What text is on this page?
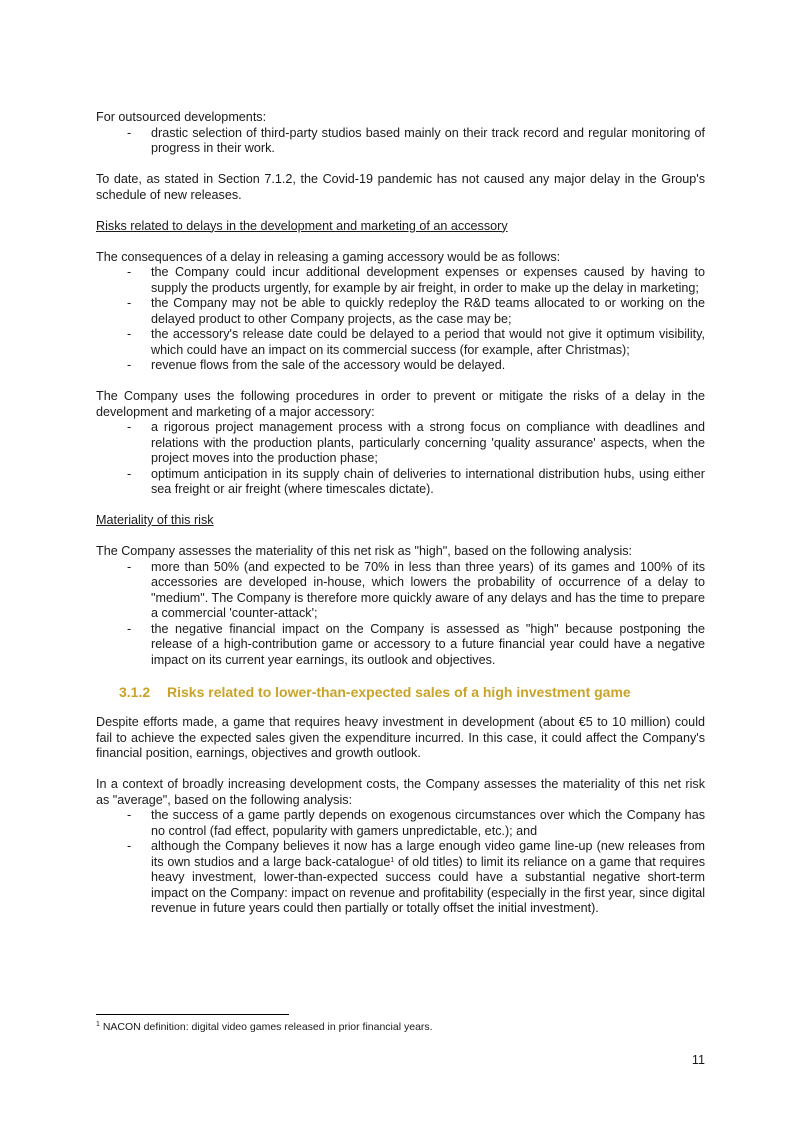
For outsourced developments:

- drastic selection of third-party studios based mainly on their track record and regular monitoring of progress in their work.

To date, as stated in Section 7.1.2, the Covid-19 pandemic has not caused any major delay in the Group's schedule of new releases.

Risks related to delays in the development and marketing of an accessory

The consequences of a delay in releasing a gaming accessory would be as follows:

- the Company could incur additional development expenses or expenses caused by having to supply the products urgently, for example by air freight, in order to make up the delay in marketing;
- the Company may not be able to quickly redeploy the R&D teams allocated to or working on the delayed product to other Company projects, as the case may be;
- the accessory's release date could be delayed to a period that would not give it optimum visibility, which could have an impact on its commercial success (for example, after Christmas);
- revenue flows from the sale of the accessory would be delayed.

The Company uses the following procedures in order to prevent or mitigate the risks of a delay in the development and marketing of a major accessory:

- a rigorous project management process with a strong focus on compliance with deadlines and relations with the production plants, particularly concerning 'quality assurance' aspects, when the project moves into the production phase;
- optimum anticipation in its supply chain of deliveries to international distribution hubs, using either sea freight or air freight (where timescales dictate).

Materiality of this risk

The Company assesses the materiality of this net risk as "high", based on the following analysis:

- more than 50% (and expected to be 70% in less than three years) of its games and 100% of its accessories are developed in-house, which lowers the probability of occurrence of a delay to "medium". The Company is therefore more quickly aware of any delays and has the time to prepare a commercial 'counter-attack';
- the negative financial impact on the Company is assessed as "high" because postponing the release of a high-contribution game or accessory to a future financial year could have a negative impact on its current year earnings, its outlook and objectives.
3.1.2 Risks related to lower-than-expected sales of a high investment game

Despite efforts made, a game that requires heavy investment in development (about €5 to 10 million) could fail to achieve the expected sales given the expenditure incurred. In this case, it could affect the Company's financial position, earnings, objectives and growth outlook.

In a context of broadly increasing development costs, the Company assesses the materiality of this net risk as "average", based on the following analysis:

- the success of a game partly depends on exogenous circumstances over which the Company has no control (fad effect, popularity with gamers unpredictable, etc.); and
- although the Company believes it now has a large enough video game line-up (new releases from its own studios and a large back-catalogue$^1$ of old titles) to limit its reliance on a game that requires heavy investment, lower-than-expected success could have a substantial negative short-term impact on the Company: impact on revenue and profitability (especially in the first year, since digital revenue in future years could then partially or totally offset the initial investment).
$^1$ NACON definition: digital video games released in prior financial years.
11
